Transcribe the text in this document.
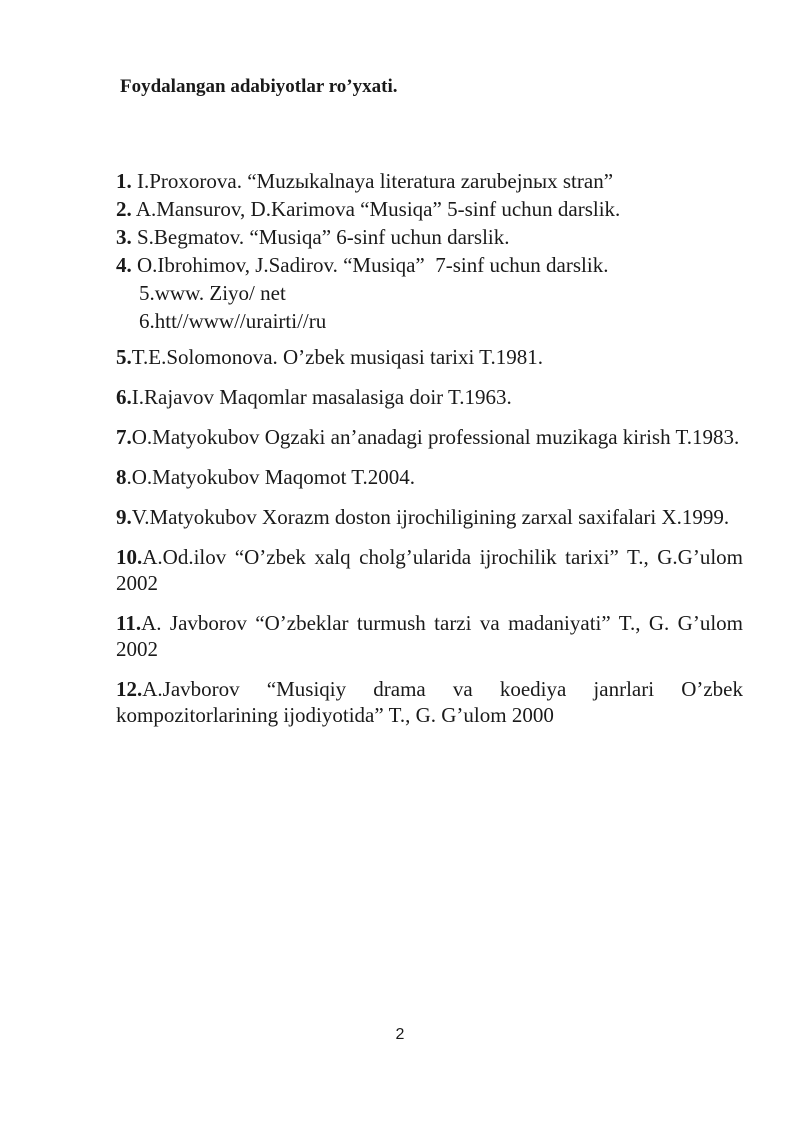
Foydalangan adabiyotlar ro’yxati.
1. I.Proxorova. “Muzыkalnaya literatura zarubejnых stran”
2. A.Mansurov, D.Karimova “Musiqa” 5-sinf uchun darslik.
3. S.Begmatov. “Musiqa” 6-sinf uchun darslik.
4. O.Ibrohimov, J.Sadirov. “Musiqa”  7-sinf uchun darslik.
5.www. Ziyo/ net
6.htt//www//urairti//ru
5.T.E.Solomonova. O’zbek musiqasi tarixi T.1981.
6.I.Rajavov Maqomlar masalasiga doir T.1963.
7.O.Matyokubov Ogzaki an’anadagi professional muzikaga kirish T.1983.
8.O.Matyokubov Maqomot T.2004.
9.V.Matyokubov Xorazm doston ijrochiligining zarxal saxifalari X.1999.
10.A.Od.ilov “O’zbek xalq cholg’ularida ijrochilik tarixi” T., G.G’ulom 2002
11.A. Javborov “O’zbeklar turmush tarzi va madaniyati” T., G. G’ulom 2002
12.A.Javborov “Musiqiy drama va koediya janrlari O’zbek kompozitorlarining ijodiyotida” T., G. G’ulom 2000
2
